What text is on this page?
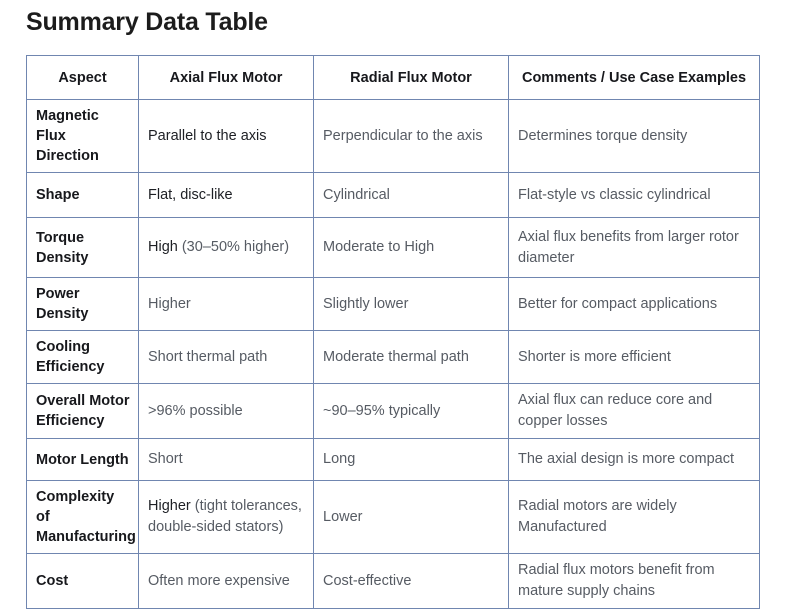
Summary Data Table
Aspect	Axial Flux Motor	Radial Flux Motor	Comments / Use Case Examples
Magnetic Flux Direction	Parallel to the axis	Perpendicular to the axis	Determines torque density
Shape	Flat, disc-like	Cylindrical	Flat-style vs classic cylindrical
Torque Density	High (30–50% higher)	Moderate to High	Axial flux benefits from larger rotor diameter
Power Density	Higher	Slightly lower	Better for compact applications
Cooling Efficiency	Short thermal path	Moderate thermal path	Shorter is more efficient
Overall Motor Efficiency	>96% possible	~90–95% typically	Axial flux can reduce core and copper losses
Motor Length	Short	Long	The axial design is more compact
Complexity of Manufacturing	Higher (tight tolerances, double-sided stators)	Lower	Radial motors are widely Manufactured
Cost	Often more expensive	Cost-effective	Radial flux motors benefit from mature supply chains
